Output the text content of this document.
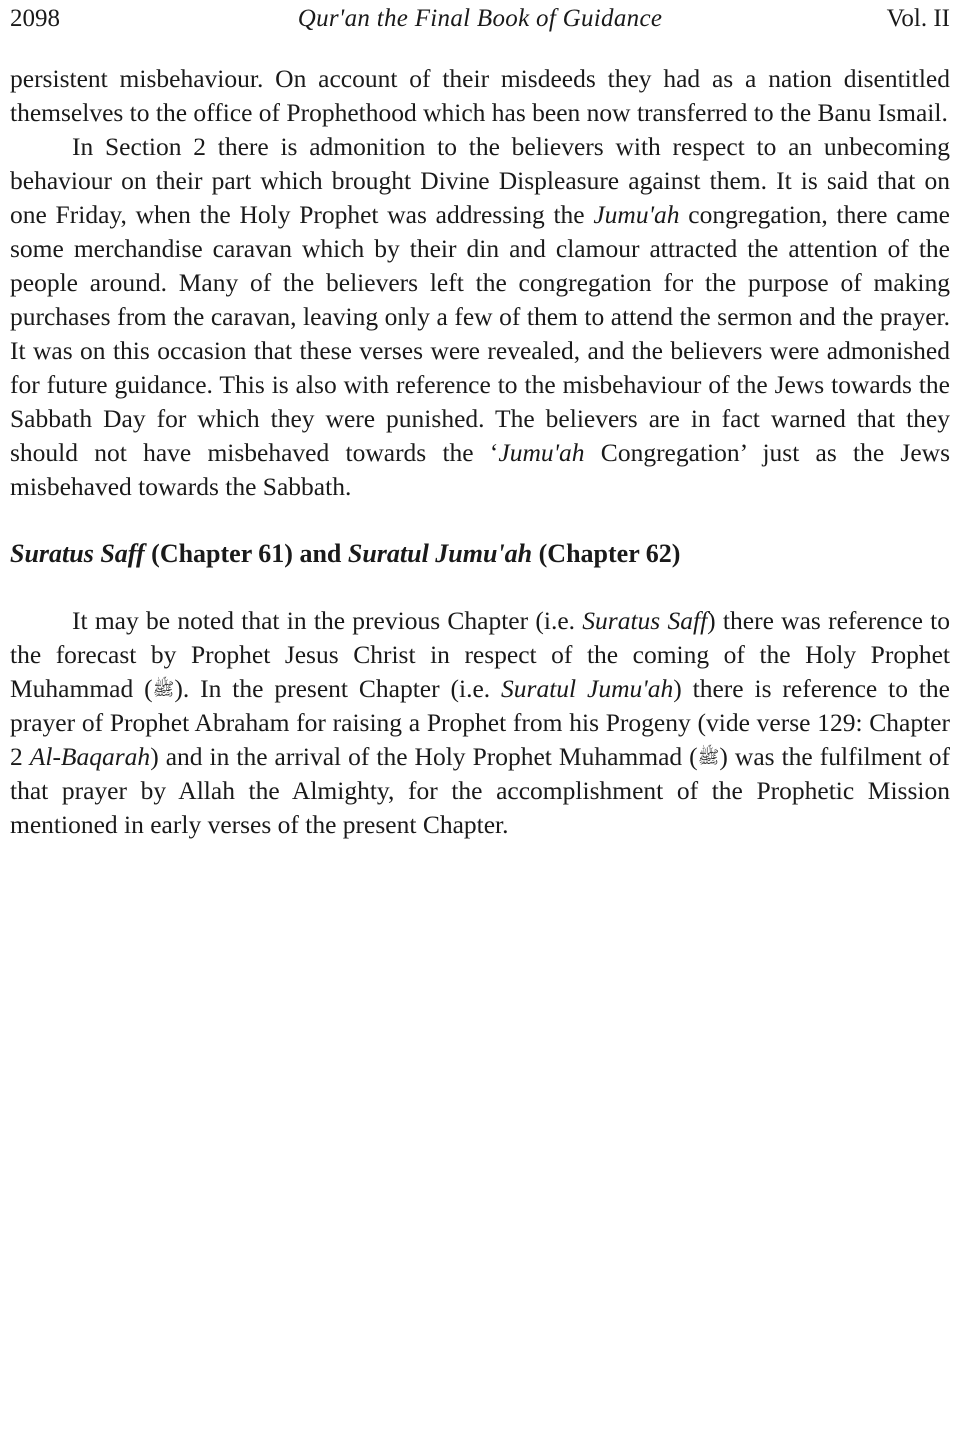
2098	Qur'an the Final Book of Guidance	Vol. II

persistent misbehaviour. On account of their misdeeds they had as a nation disentitled themselves to the office of Prophethood which has been now transferred to the Banu Ismail.

In Section 2 there is admonition to the believers with respect to an unbecoming behaviour on their part which brought Divine Displeasure against them. It is said that on one Friday, when the Holy Prophet was addressing the Jumu'ah congregation, there came some merchandise caravan which by their din and clamour attracted the attention of the people around. Many of the believers left the congregation for the purpose of making purchases from the caravan, leaving only a few of them to attend the sermon and the prayer. It was on this occasion that these verses were revealed, and the believers were admonished for future guidance. This is also with reference to the misbehaviour of the Jews towards the Sabbath Day for which they were punished. The believers are in fact warned that they should not have misbehaved towards the ‘Jumu'ah Congregation’ just as the Jews misbehaved towards the Sabbath.

Suratus Saff (Chapter 61) and Suratul Jumu'ah (Chapter 62)

It may be noted that in the previous Chapter (i.e. Suratus Saff) there was reference to the forecast by Prophet Jesus Christ in respect of the coming of the Holy Prophet Muhammad (ﷺ). In the present Chapter (i.e. Suratul Jumu'ah) there is reference to the prayer of Prophet Abraham for raising a Prophet from his Progeny (vide verse 129: Chapter 2 Al-Baqarah) and in the arrival of the Holy Prophet Muhammad (ﷺ) was the fulfilment of that prayer by Allah the Almighty, for the accomplishment of the Prophetic Mission mentioned in early verses of the present Chapter.
